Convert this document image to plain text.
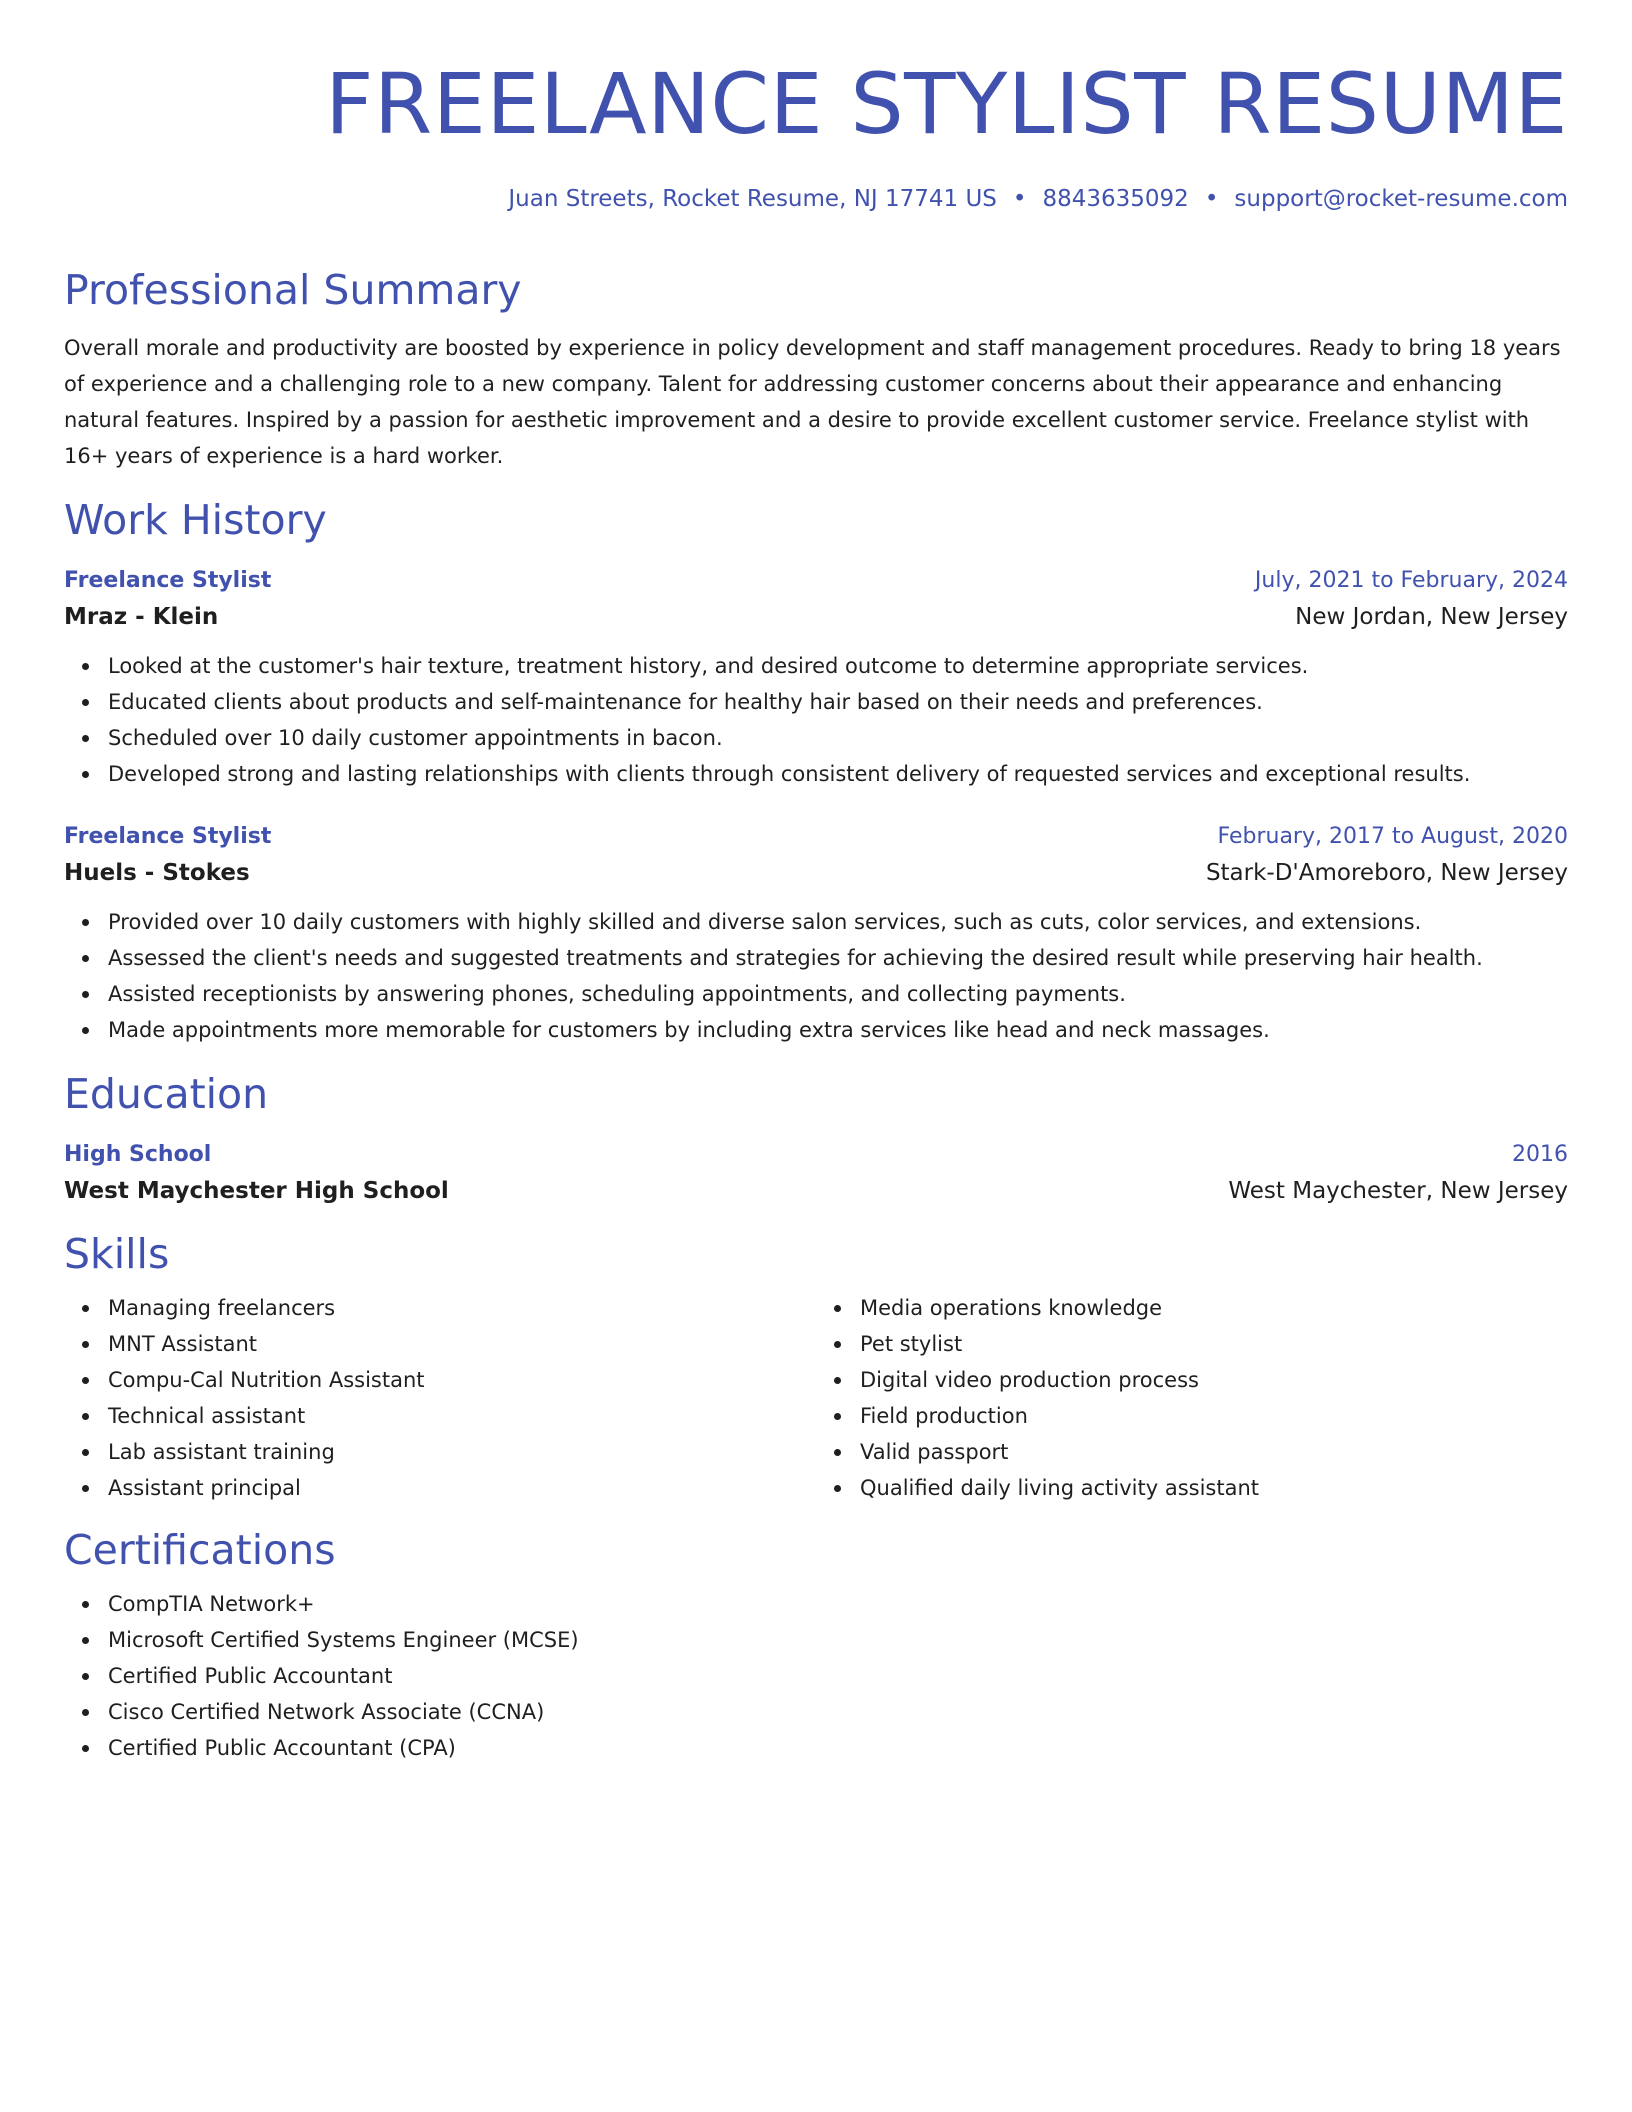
FREELANCE STYLIST RESUME
Juan Streets, Rocket Resume, NJ 17741 US • 8843635092 • support@rocket-resume.com
Professional Summary

Overall morale and productivity are boosted by experience in policy development and staff management procedures. Ready to bring 18 years of experience and a challenging role to a new company. Talent for addressing customer concerns about their appearance and enhancing natural features. Inspired by a passion for aesthetic improvement and a desire to provide excellent customer service. Freelance stylist with 16+ years of experience is a hard worker.

Work History
Freelance Stylist	July, 2021 to February, 2024
Mraz - Klein	New Jordan, New Jersey
Looked at the customer's hair texture, treatment history, and desired outcome to determine appropriate services.
Educated clients about products and self-maintenance for healthy hair based on their needs and preferences.
Scheduled over 10 daily customer appointments in bacon.
Developed strong and lasting relationships with clients through consistent delivery of requested services and exceptional results.
Freelance Stylist	February, 2017 to August, 2020
Huels - Stokes	Stark-D'Amoreboro, New Jersey
Provided over 10 daily customers with highly skilled and diverse salon services, such as cuts, color services, and extensions.
Assessed the client's needs and suggested treatments and strategies for achieving the desired result while preserving hair health.
Assisted receptionists by answering phones, scheduling appointments, and collecting payments.
Made appointments more memorable for customers by including extra services like head and neck massages.
Education
High School	2016
West Maychester High School	West Maychester, New Jersey
Skills
Managing freelancers
MNT Assistant
Compu-Cal Nutrition Assistant
Technical assistant
Lab assistant training
Assistant principal
Media operations knowledge
Pet stylist
Digital video production process
Field production
Valid passport
Qualified daily living activity assistant
Certifications
CompTIA Network+
Microsoft Certified Systems Engineer (MCSE)
Certified Public Accountant
Cisco Certified Network Associate (CCNA)
Certified Public Accountant (CPA)
